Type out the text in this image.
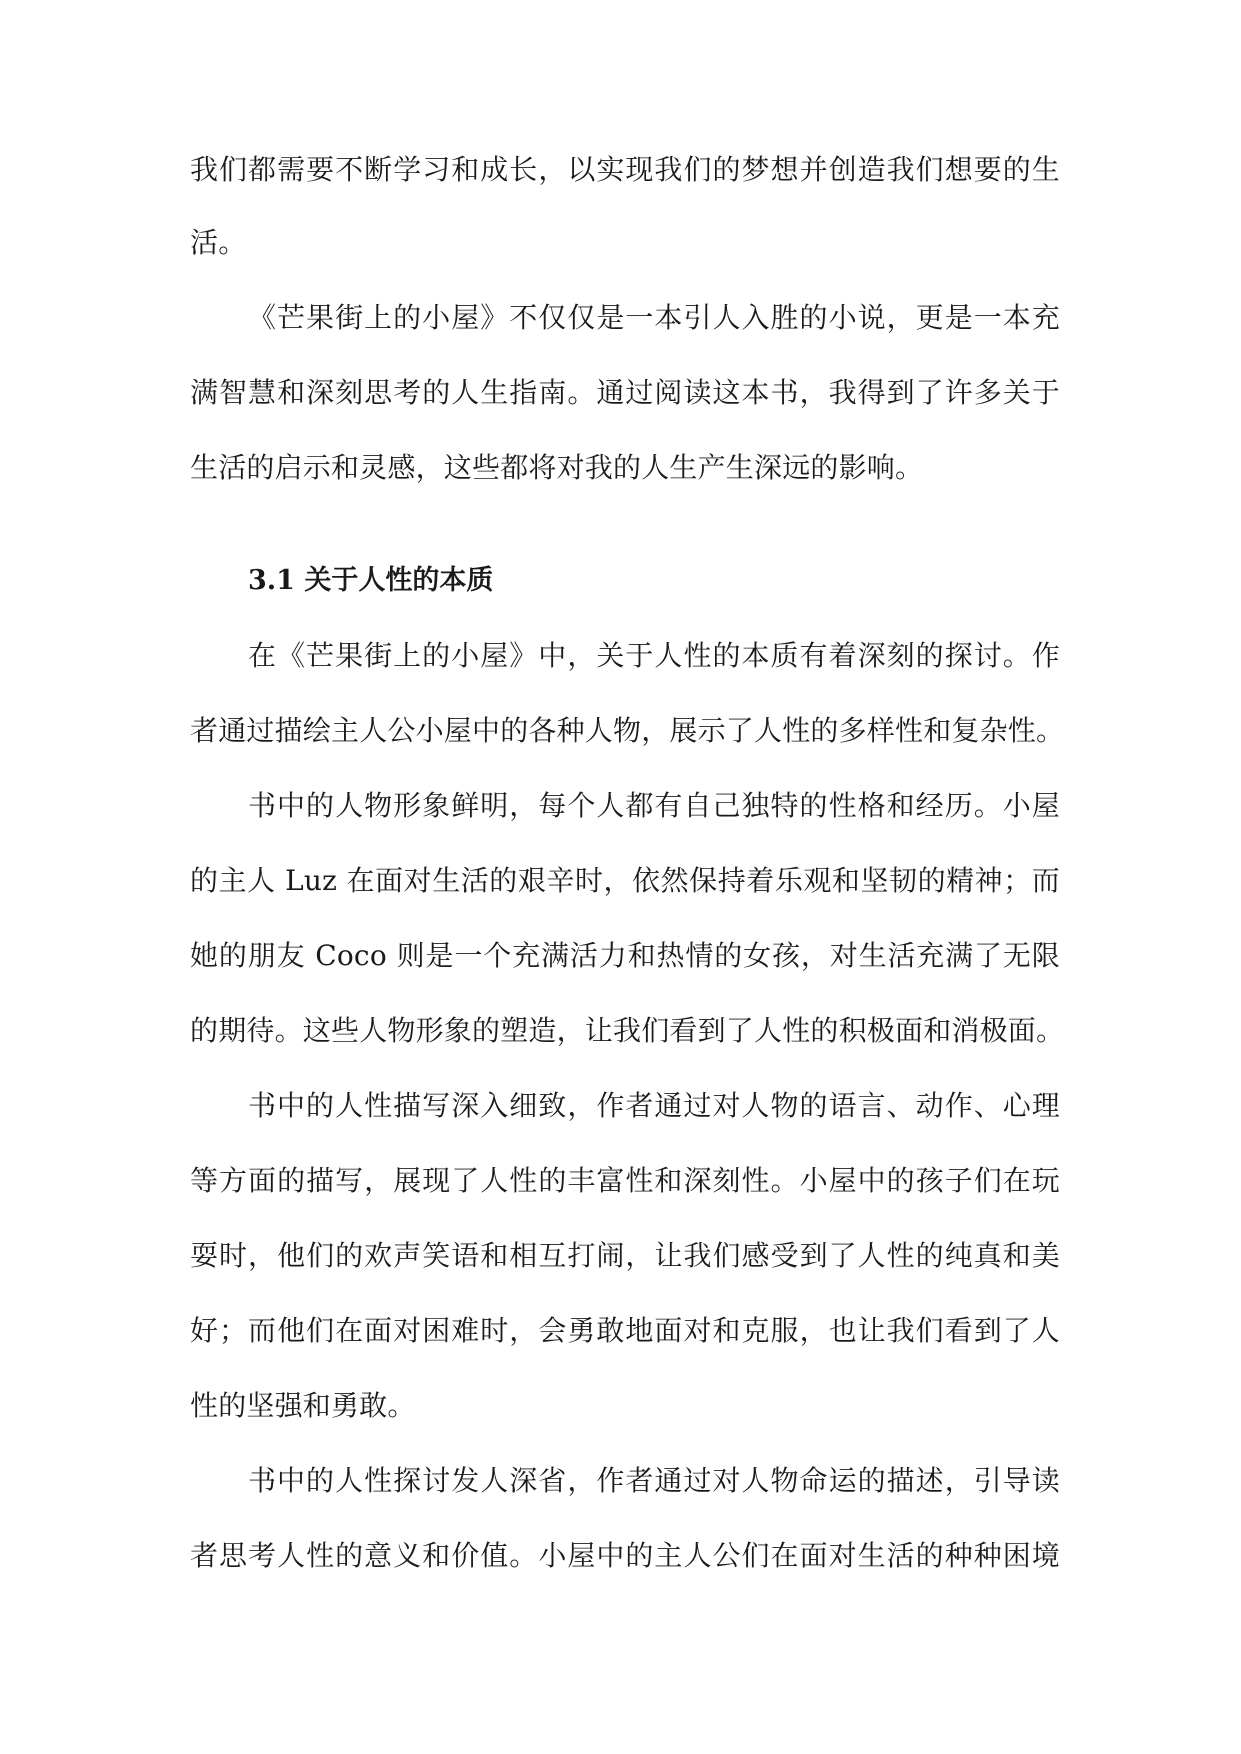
我们都需要不断学习和成长，以实现我们的梦想并创造我们想要的生
活。
《芒果街上的小屋》不仅仅是一本引人入胜的小说，更是一本充
满智慧和深刻思考的人生指南。通过阅读这本书，我得到了许多关于
生活的启示和灵感，这些都将对我的人生产生深远的影响。
3.1 关于人性的本质
在《芒果街上的小屋》中，关于人性的本质有着深刻的探讨。作
者通过描绘主人公小屋中的各种人物，展示了人性的多样性和复杂性。
书中的人物形象鲜明，每个人都有自己独特的性格和经历。小屋
的主人 Luz 在面对生活的艰辛时，依然保持着乐观和坚韧的精神；而
她的朋友 Coco 则是一个充满活力和热情的女孩，对生活充满了无限
的期待。这些人物形象的塑造，让我们看到了人性的积极面和消极面。
书中的人性描写深入细致，作者通过对人物的语言、动作、心理
等方面的描写，展现了人性的丰富性和深刻性。小屋中的孩子们在玩
耍时，他们的欢声笑语和相互打闹，让我们感受到了人性的纯真和美
好；而他们在面对困难时，会勇敢地面对和克服，也让我们看到了人
性的坚强和勇敢。
书中的人性探讨发人深省，作者通过对人物命运的描述，引导读
者思考人性的意义和价值。小屋中的主人公们在面对生活的种种困境
